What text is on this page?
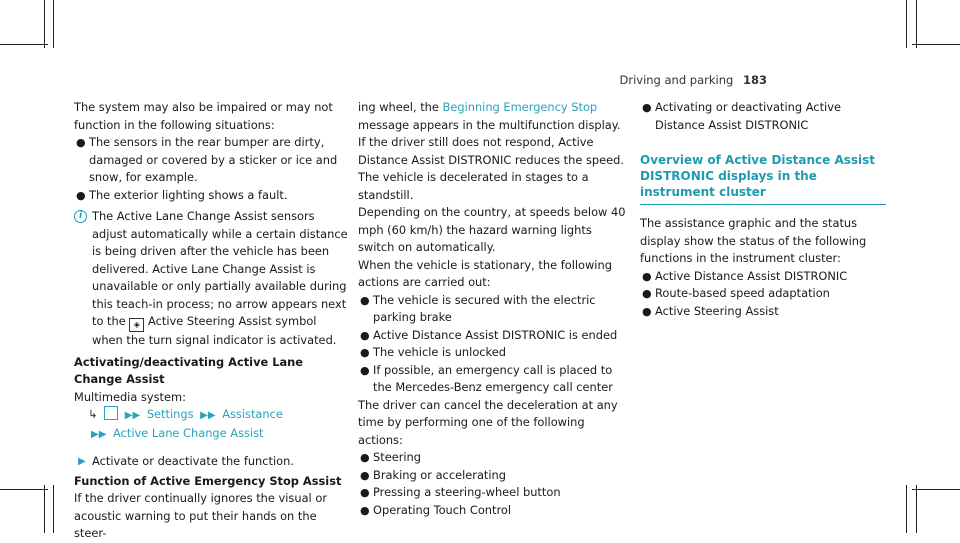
Driving and parking 183

The system may also be impaired or may not function in the following situations:

● The sensors in the rear bumper are dirty, damaged or covered by a sticker or ice and snow, for example.
● The exterior lighting shows a fault.
i The Active Lane Change Assist sensors adjust automatically while a certain distance is being driven after the vehicle has been delivered. Active Lane Change Assist is unavailable or only partially available during this teach-in process; no arrow appears next to the ◈ Active Steering Assist symbol when the turn signal indicator is activated.

Activating/deactivating Active Lane Change Assist

Multimedia system:

↳	▶▶ Settings ▶▶ Assistance
▶▶ Active Lane Change Assist
▶ Activate or deactivate the function.

Function of Active Emergency Stop Assist

If the driver continually ignores the visual or acoustic warning to put their hands on the steer-

ing wheel, the Beginning Emergency Stop message appears in the multifunction display. If the driver still does not respond, Active Distance Assist DISTRONIC reduces the speed. The vehicle is decelerated in stages to a standstill.

Depending on the country, at speeds below 40 mph (60 km/h) the hazard warning lights switch on automatically.

When the vehicle is stationary, the following actions are carried out:

● The vehicle is secured with the electric parking brake
● Active Distance Assist DISTRONIC is ended
● The vehicle is unlocked
● If possible, an emergency call is placed to the Mercedes-Benz emergency call center

The driver can cancel the deceleration at any time by performing one of the following actions:

● Steering
● Braking or accelerating
● Pressing a steering-wheel button
● Operating Touch Control
● Activating or deactivating Active Distance Assist DISTRONIC
Overview of Active Distance Assist DISTRONIC displays in the instrument cluster

The assistance graphic and the status display show the status of the following functions in the instrument cluster:

● Active Distance Assist DISTRONIC
● Route-based speed adaptation
● Active Steering Assist
